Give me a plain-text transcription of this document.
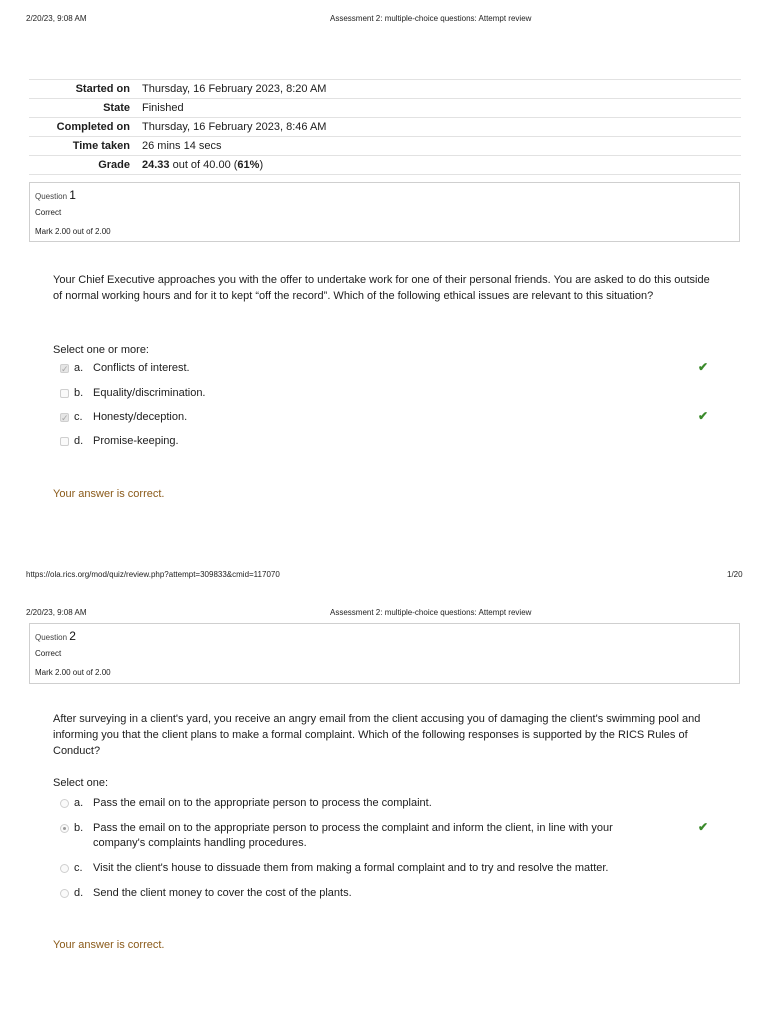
2/20/23, 9:08 AM	Assessment 2: multiple-choice questions: Attempt review
Started on	Thursday, 16 February 2023, 8:20 AM
State	Finished
Completed on	Thursday, 16 February 2023, 8:46 AM
Time taken	26 mins 14 secs
Grade	24.33 out of 40.00 (61%)
Question 1
Correct
Mark 2.00 out of 2.00
Your Chief Executive approaches you with the offer to undertake work for one of their personal friends. You are asked to do this outside of normal working hours and for it to kept “off the record”. Which of the following ethical issues are relevant to this situation?
Select one or more:
✓
a. Conflicts of interest.	✔
b. Equality/discrimination.
✓
c. Honesty/deception.	✔
d. Promise-keeping.
Your answer is correct.
https://ola.rics.org/mod/quiz/review.php?attempt=309833&cmid=117070	1/20
2/20/23, 9:08 AM	Assessment 2: multiple-choice questions: Attempt review
Question 2
Correct
Mark 2.00 out of 2.00
After surveying in a client's yard, you receive an angry email from the client accusing you of damaging the client's swimming pool and informing you that the client plans to make a formal complaint. Which of the following responses is supported by the RICS Rules of Conduct?
Select one:
a. Pass the email on to the appropriate person to process the complaint.
b. Pass the email on to the appropriate person to process the complaint and inform the client, in line with your company's complaints handling procedures.
✔
c. Visit the client's house to dissuade them from making a formal complaint and to try and resolve the matter.
d. Send the client money to cover the cost of the plants.
Your answer is correct.
